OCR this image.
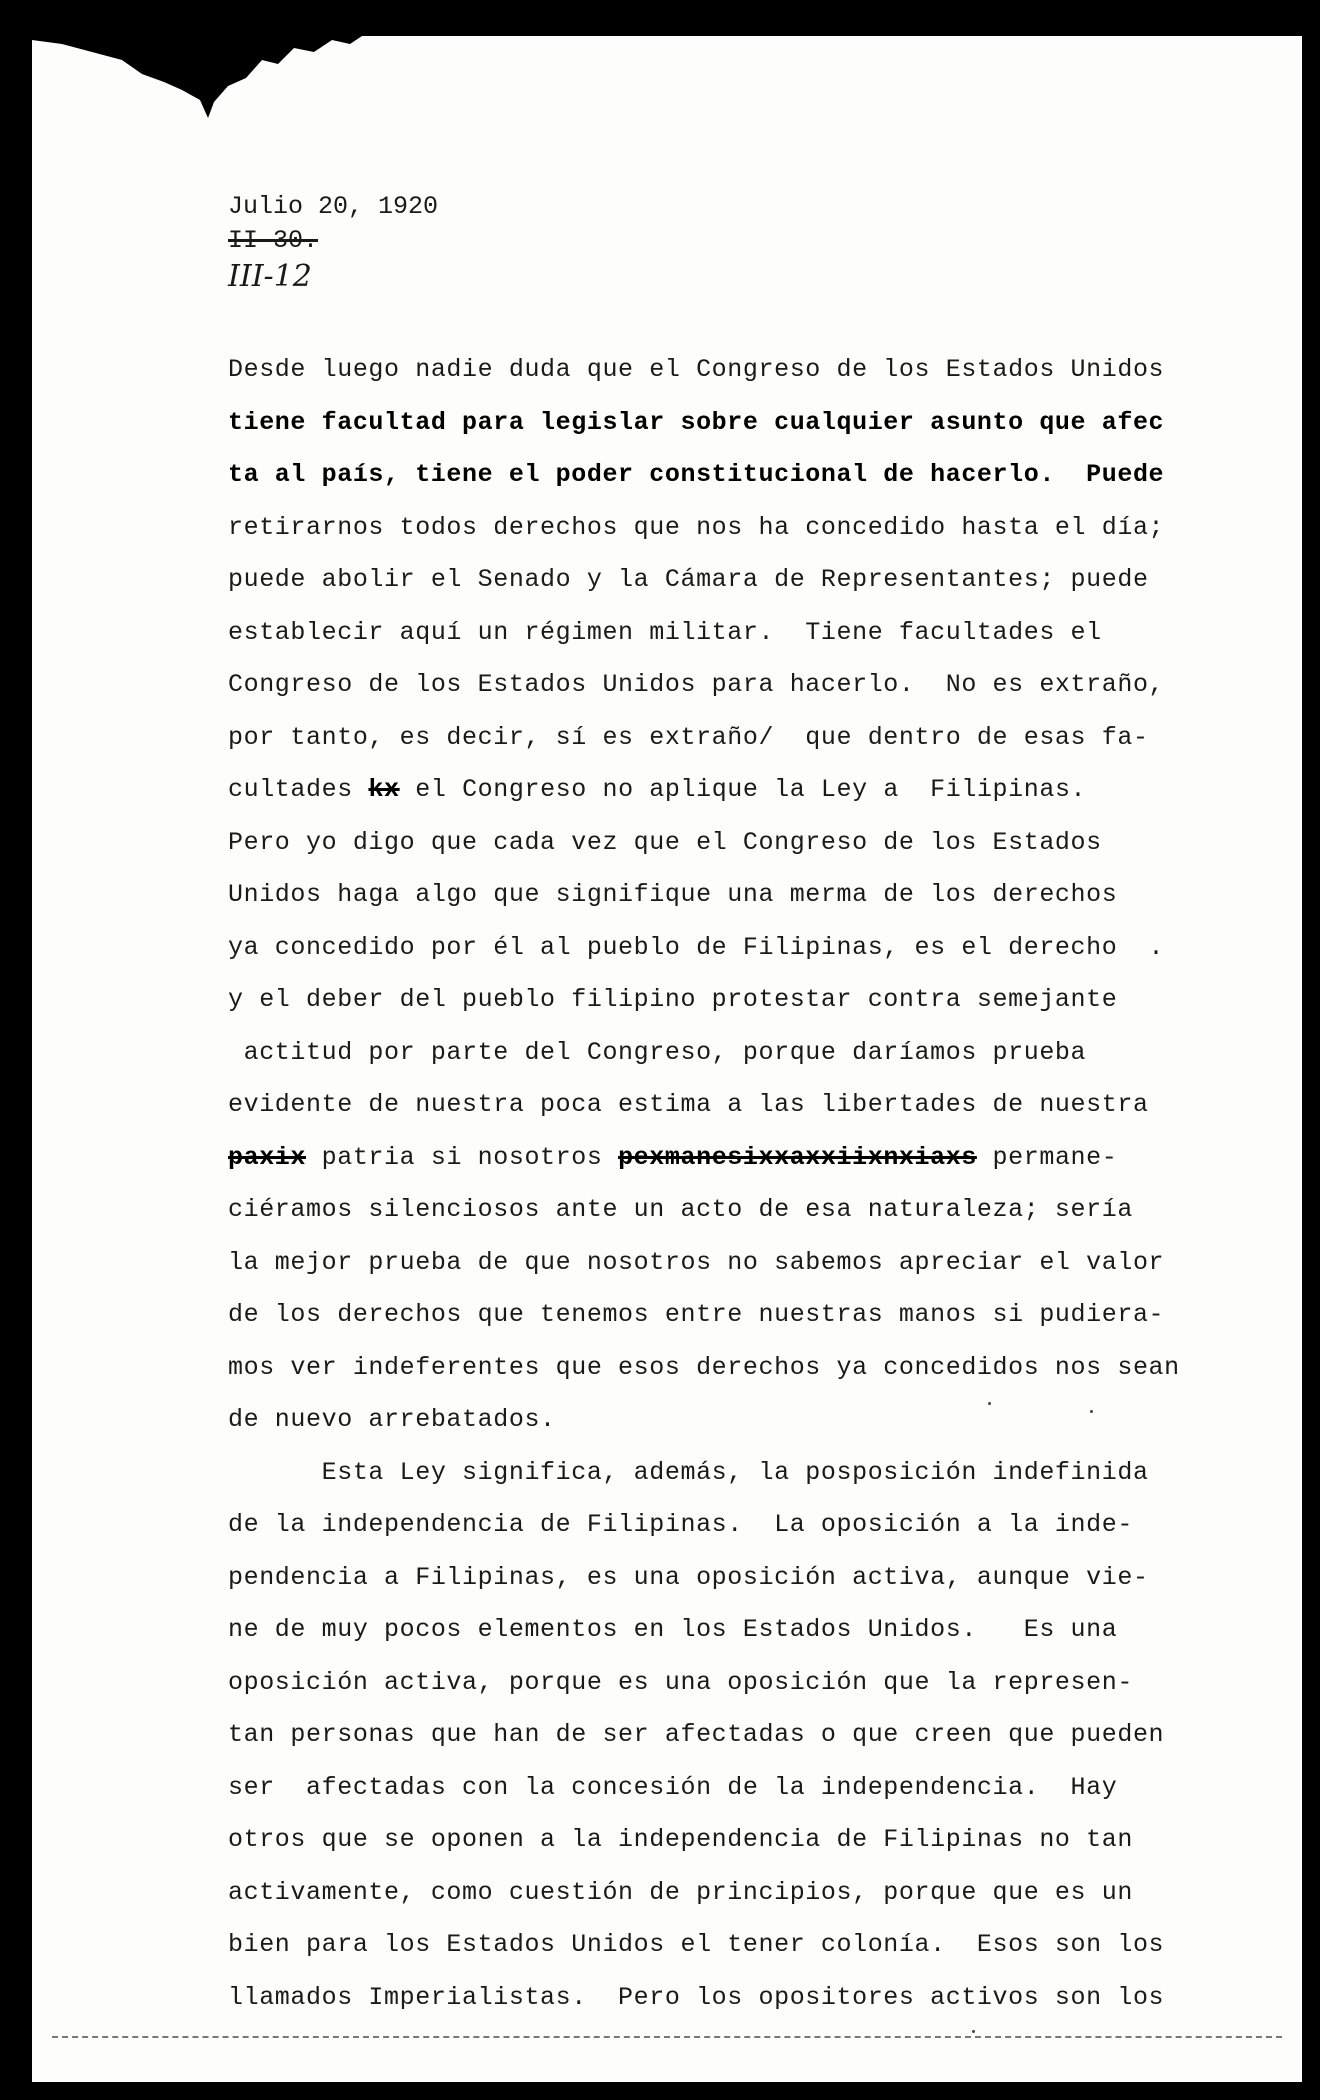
Julio 20, 1920
II-30.
III-12
Desde luego nadie duda que el Congreso de los Estados Unidos
tiene facultad para legislar sobre cualquier asunto que afec
ta al país, tiene el poder constitucional de hacerlo.  Puede
retirarnos todos derechos que nos ha concedido hasta el día;
puede abolir el Senado y la Cámara de Representantes; puede
establecir aquí un régimen militar.  Tiene facultades el
Congreso de los Estados Unidos para hacerlo.  No es extraño,
por tanto, es decir, sí es extraño/  que dentro de esas fa-
cultades kx el Congreso no aplique la Ley a  Filipinas.
Pero yo digo que cada vez que el Congreso de los Estados
Unidos haga algo que signifique una merma de los derechos
ya concedido por él al pueblo de Filipinas, es el derecho  .
y el deber del pueblo filipino protestar contra semejante
actitud por parte del Congreso, porque daríamos prueba
evidente de nuestra poca estima a las libertades de nuestra
paxix patria si nosotros pexmanesixxaxxiixnxiaxs permane-
ciéramos silenciosos ante un acto de esa naturaleza; sería
la mejor prueba de que nosotros no sabemos apreciar el valor
de los derechos que tenemos entre nuestras manos si pudiera-
mos ver indeferentes que esos derechos ya concedidos nos sean
de nuevo arrebatados.
Esta Ley significa, además, la posposición indefinida
de la independencia de Filipinas.  La oposición a la inde-
pendencia a Filipinas, es una oposición activa, aunque vie-
ne de muy pocos elementos en los Estados Unidos.   Es una
oposición activa, porque es una oposición que la represen-
tan personas que han de ser afectadas o que creen que pueden
ser  afectadas con la concesión de la independencia.  Hay
otros que se oponen a la independencia de Filipinas no tan
activamente, como cuestión de principios, porque que es un
bien para los Estados Unidos el tener colonía.  Esos son los
llamados Imperialistas.  Pero los opositores activos son los
